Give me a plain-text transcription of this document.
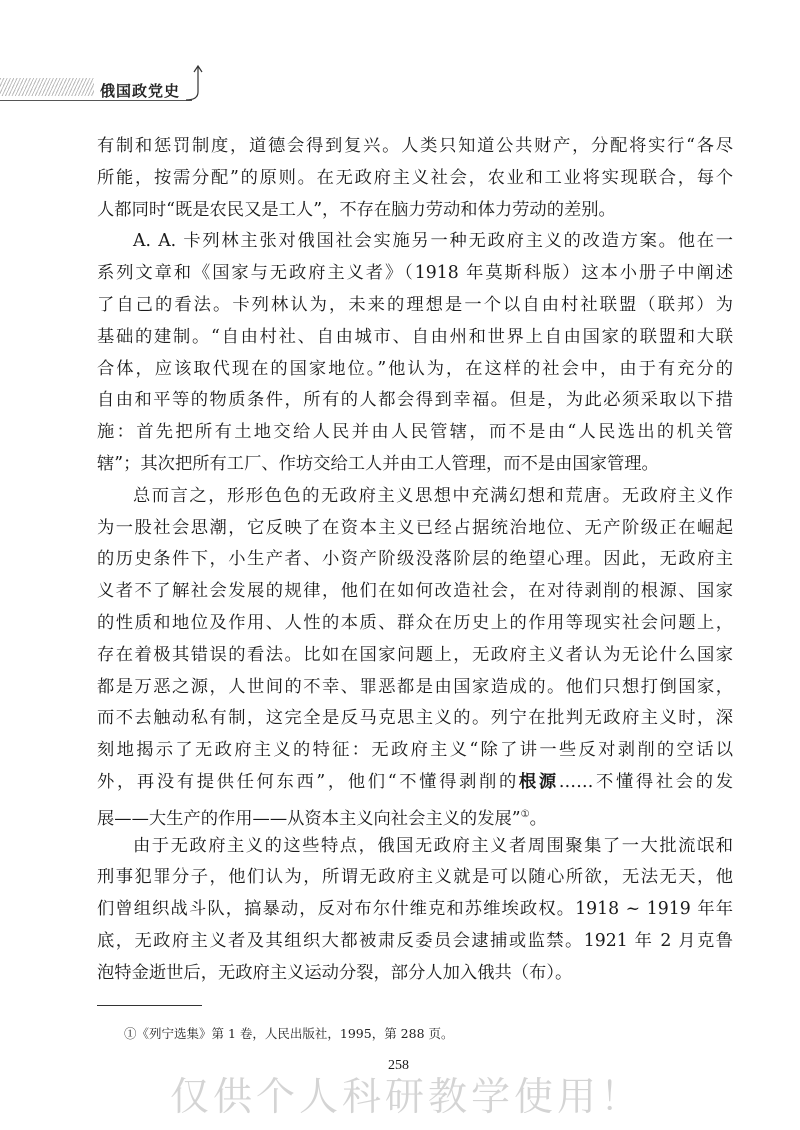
俄国政党史
有制和惩罚制度，道德会得到复兴。人类只知道公共财产，分配将实行“各尽
所能，按需分配”的原则。在无政府主义社会，农业和工业将实现联合，每个
人都同时“既是农民又是工人”，不存在脑力劳动和体力劳动的差别。
A. A. 卡列林主张对俄国社会实施另一种无政府主义的改造方案。他在一
系列文章和《国家与无政府主义者》（1918 年莫斯科版）这本小册子中阐述
了自己的看法。卡列林认为，未来的理想是一个以自由村社联盟（联邦）为
基础的建制。“自由村社、自由城市、自由州和世界上自由国家的联盟和大联
合体，应该取代现在的国家地位。”他认为，在这样的社会中，由于有充分的
自由和平等的物质条件，所有的人都会得到幸福。但是，为此必须采取以下措
施：首先把所有土地交给人民并由人民管辖，而不是由“人民选出的机关管
辖”；其次把所有工厂、作坊交给工人并由工人管理，而不是由国家管理。
总而言之，形形色色的无政府主义思想中充满幻想和荒唐。无政府主义作
为一股社会思潮，它反映了在资本主义已经占据统治地位、无产阶级正在崛起
的历史条件下，小生产者、小资产阶级没落阶层的绝望心理。因此，无政府主
义者不了解社会发展的规律，他们在如何改造社会，在对待剥削的根源、国家
的性质和地位及作用、人性的本质、群众在历史上的作用等现实社会问题上，
存在着极其错误的看法。比如在国家问题上，无政府主义者认为无论什么国家
都是万恶之源，人世间的不幸、罪恶都是由国家造成的。他们只想打倒国家，
而不去触动私有制，这完全是反马克思主义的。列宁在批判无政府主义时，深
刻地揭示了无政府主义的特征：无政府主义“除了讲一些反对剥削的空话以
外，再没有提供任何东西”，他们“不懂得剥削的根源……不懂得社会的发
展——大生产的作用——从资本主义向社会主义的发展”①。
由于无政府主义的这些特点，俄国无政府主义者周围聚集了一大批流氓和
刑事犯罪分子，他们认为，所谓无政府主义就是可以随心所欲，无法无天，他
们曾组织战斗队，搞暴动，反对布尔什维克和苏维埃政权。1918 ~ 1919 年年
底，无政府主义者及其组织大都被肃反委员会逮捕或监禁。1921 年 2 月克鲁
泡特金逝世后，无政府主义运动分裂，部分人加入俄共（布）。
①《列宁选集》第 1 卷，人民出版社，1995，第 288 页。
258
仅供个人科研教学使用！
